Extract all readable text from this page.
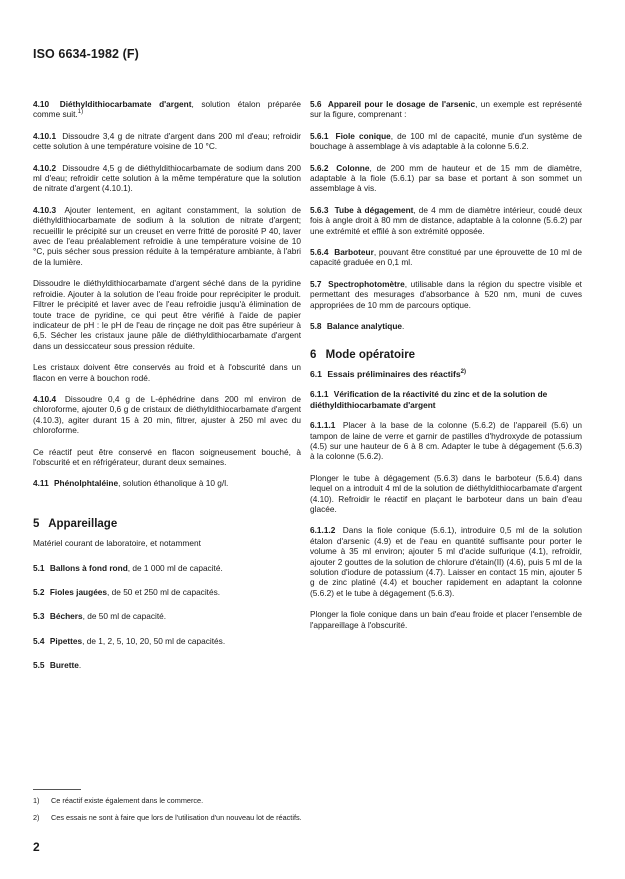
ISO 6634-1982 (F)

4.10 Diéthyldithiocarbamate d'argent, solution étalon préparée comme suit.$^{1)}$

4.10.1 Dissoudre 3,4 g de nitrate d'argent dans 200 ml d'eau; refroidir cette solution à une température voisine de 10 °C.

4.10.2 Dissoudre 4,5 g de diéthyldithiocarbamate de sodium dans 200 ml d'eau; refroidir cette solution à la même température que la solution de nitrate d'argent (4.10.1).

4.10.3 Ajouter lentement, en agitant constamment, la solution de diéthyldithiocarbamate de sodium à la solution de nitrate d'argent; recueillir le précipité sur un creuset en verre fritté de porosité P 40, laver avec de l'eau préalablement refroidie à une température voisine de 10 °C, puis sécher sous pression réduite à la température ambiante, à l'abri de la lumière.

Dissoudre le diéthyldithiocarbamate d'argent séché dans de la pyridine refroidie. Ajouter à la solution de l'eau froide pour reprécipiter le produit. Filtrer le précipité et laver avec de l'eau refroidie jusqu'à élimination de toute trace de pyridine, ce qui peut être vérifié à l'aide de papier indicateur de pH : le pH de l'eau de rinçage ne doit pas être supérieur à 6,5. Sécher les cristaux jaune pâle de diéthyldithiocarbamate d'argent dans un dessiccateur sous pression réduite.

Les cristaux doivent être conservés au froid et à l'obscurité dans un flacon en verre à bouchon rodé.

4.10.4 Dissoudre 0,4 g de L-éphédrine dans 200 ml environ de chloroforme, ajouter 0,6 g de cristaux de diéthyldithiocarbamate d'argent (4.10.3), agiter durant 15 à 20 min, filtrer, ajuster à 250 ml avec du chloroforme.

Ce réactif peut être conservé en flacon soigneusement bouché, à l'obscurité et en réfrigérateur, durant deux semaines.

4.11 Phénolphtaléine, solution éthanolique à 10 g/l.

5 Appareillage

Matériel courant de laboratoire, et notamment

5.1 Ballons à fond rond, de 1 000 ml de capacité.
5.2 Fioles jaugées, de 50 et 250 ml de capacités.
5.3 Béchers, de 50 ml de capacité.
5.4 Pipettes, de 1, 2, 5, 10, 20, 50 ml de capacités.
5.5 Burette.

5.6 Appareil pour le dosage de l'arsenic, un exemple est représenté sur la figure, comprenant :

5.6.1 Fiole conique, de 100 ml de capacité, munie d'un système de bouchage à assemblage à vis adaptable à la colonne 5.6.2.

5.6.2 Colonne, de 200 mm de hauteur et de 15 mm de diamètre, adaptable à la fiole (5.6.1) par sa base et portant à son sommet un assemblage à vis.

5.6.3 Tube à dégagement, de 4 mm de diamètre intérieur, coudé deux fois à angle droit à 80 mm de distance, adaptable à la colonne (5.6.2) par une extrémité et effilé à son extrémité opposée.

5.6.4 Barboteur, pouvant être constitué par une éprouvette de 10 ml de capacité graduée en 0,1 ml.

5.7 Spectrophotomètre, utilisable dans la région du spectre visible et permettant des mesurages d'absorbance à 520 nm, muni de cuves appropriées de 10 mm de parcours optique.

5.8 Balance analytique.

6 Mode opératoire
6.1 Essais préliminaires des réactifs$^{2)}$
6.1.1 Vérification de la réactivité du zinc et de la solution de diéthyldithiocarbamate d'argent

6.1.1.1 Placer à la base de la colonne (5.6.2) de l'appareil (5.6) un tampon de laine de verre et garnir de pastilles d'hydroxyde de potassium (4.5) sur une hauteur de 6 à 8 cm. Adapter le tube à dégagement (5.6.3) à la colonne (5.6.2).

Plonger le tube à dégagement (5.6.3) dans le barboteur (5.6.4) dans lequel on a introduit 4 ml de la solution de diéthyldithiocarbamate d'argent (4.10). Refroidir le réactif en plaçant le barboteur dans un bain d'eau glacée.

6.1.1.2 Dans la fiole conique (5.6.1), introduire 0,5 ml de la solution étalon d'arsenic (4.9) et de l'eau en quantité suffisante pour porter le volume à 35 ml environ; ajouter 5 ml d'acide sulfurique (4.1), refroidir, ajouter 2 gouttes de la solution de chlorure d'étain(II) (4.6), puis 5 ml de la solution d'iodure de potassium (4.7). Laisser en contact 15 min, ajouter 5 g de zinc platiné (4.4) et boucher rapidement en adaptant la colonne (5.6.2) et le tube à dégagement (5.6.3).

Plonger la fiole conique dans un bain d'eau froide et placer l'ensemble de l'appareillage à l'obscurité.

1) Ce réactif existe également dans le commerce.
2) Ces essais ne sont à faire que lors de l'utilisation d'un nouveau lot de réactifs.
2
